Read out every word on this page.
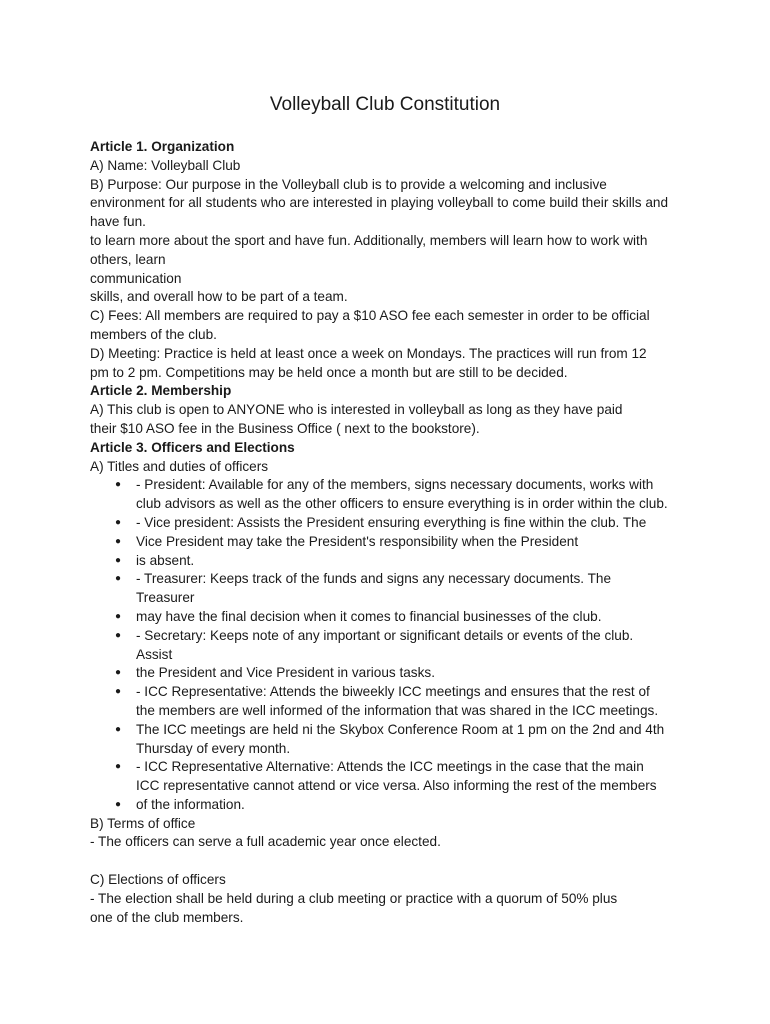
Volleyball Club Constitution
Article 1. Organization
A) Name: Volleyball Club
B) Purpose: Our purpose in the Volleyball club is to provide a welcoming and inclusive
environment for all students who are interested in playing volleyball to come build their skills and
have fun.
to learn more about the sport and have fun. Additionally, members will learn how to work with
others, learn
communication
skills, and overall how to be part of a team.
C) Fees: All members are required to pay a $10 ASO fee each semester in order to be official
members of the club.
D) Meeting: Practice is held at least once a week on Mondays. The practices will run from 12
pm to 2 pm. Competitions may be held once a month but are still to be decided.
Article 2. Membership
A) This club is open to ANYONE who is interested in volleyball as long as they have paid
their $10 ASO fee in the Business Office ( next to the bookstore).
Article 3. Officers and Elections
A) Titles and duties of officers
● - President: Available for any of the members, signs necessary documents, works with
club advisors as well as the other officers to ensure everything is in order within the club.
● - Vice president: Assists the President ensuring everything is fine within the club. The
● Vice President may take the President's responsibility when the President
● is absent.
● - Treasurer: Keeps track of the funds and signs any necessary documents. The
Treasurer
● may have the final decision when it comes to financial businesses of the club.
● - Secretary: Keeps note of any important or significant details or events of the club.
Assist
● the President and Vice President in various tasks.
● - ICC Representative: Attends the biweekly ICC meetings and ensures that the rest of
the members are well informed of the information that was shared in the ICC meetings.
● The ICC meetings are held ni the Skybox Conference Room at 1 pm on the 2nd and 4th
Thursday of every month.
● - ICC Representative Alternative: Attends the ICC meetings in the case that the main
ICC representative cannot attend or vice versa. Also informing the rest of the members
● of the information.
B) Terms of office
- The officers can serve a full academic year once elected.
C) Elections of officers
- The election shall be held during a club meeting or practice with a quorum of 50% plus
one of the club members.
